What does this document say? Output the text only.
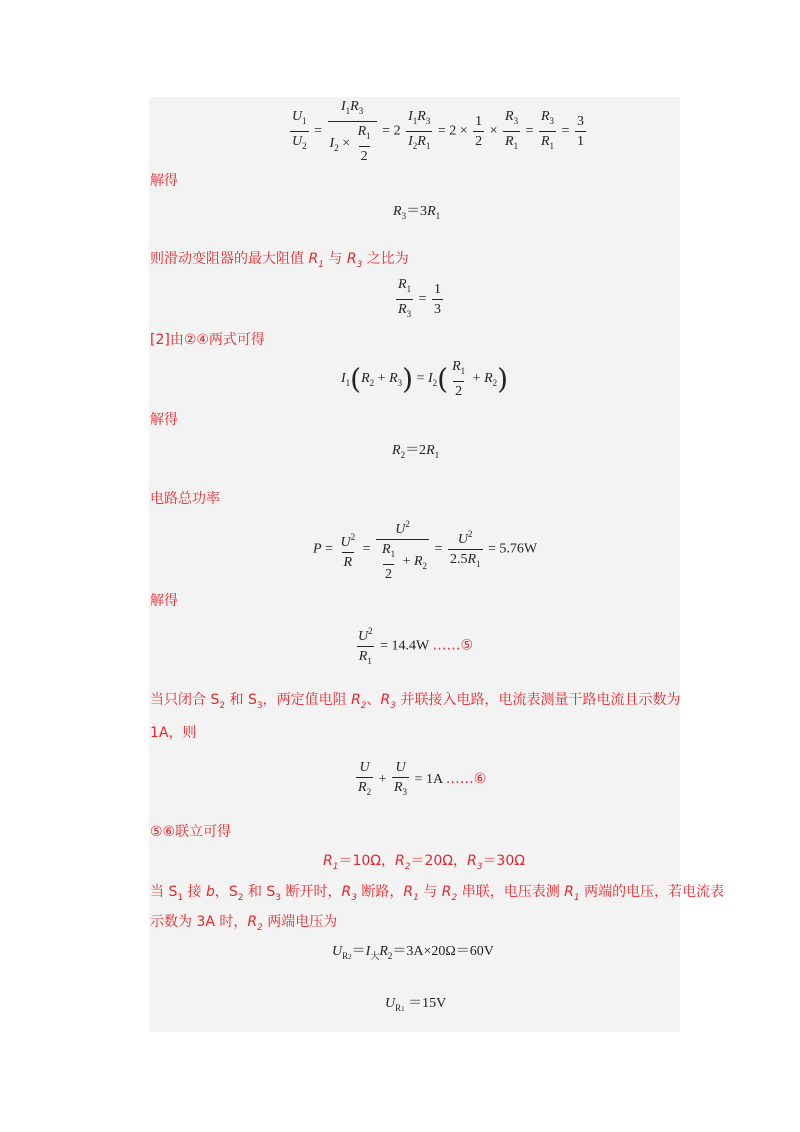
$\frac{U_1}{U_2} = \frac{I_1R_3}{I_2 \times \frac{R_1}{2}} = 2 \frac{I_1R_3}{I_2R_1} = 2 \times \frac{1}{2} \times \frac{R_3}{R_1} = \frac{R_3}{R_1} = \frac{3}{1}$
解得
$R_3=3R_1$
则滑动变阻器的最大阻值 $R_1$ 与 $R_3$ 之比为
$\frac{R_1}{R_3} = \frac{1}{3}$
[2]由②④两式可得
$I_1(R_2 + R_3) = I_2( \frac{R_1}{2} + R_2)$
解得
$R_2=2R_1$
电路总功率
$P = \frac{U^2}{R} = \frac{U^2}{\frac{R_1}{2} + R_2} = \frac{U^2}{2.5R_1} = 5.76W$
解得
$\frac{U^2}{R_1} = 14.4W$ ……⑤
当只闭合 $S_2$ 和 $S_3$，两定值电阻 $R_2$、$R_3$ 并联接入电路，电流表测量干路电流且示数为
1A，则
$\frac{U}{R_2} + \frac{U}{R_3} = 1A$ ……⑥
⑤⑥联立可得
$R_1=10\Omega$，$R_2=20\Omega$，$R_3=30\Omega$
当 $S_1$ 接 b，$S_2$ 和 $S_3$ 断开时，$R_3$ 断路，$R_1$ 与 $R_2$ 串联，电压表测 $R_1$ 两端的电压，若电流表
示数为 3A 时，$R_2$ 两端电压为
$U_{R2}=I_大R_2=3A\times 20\Omega=60V$
$U_{R1} =15V$
